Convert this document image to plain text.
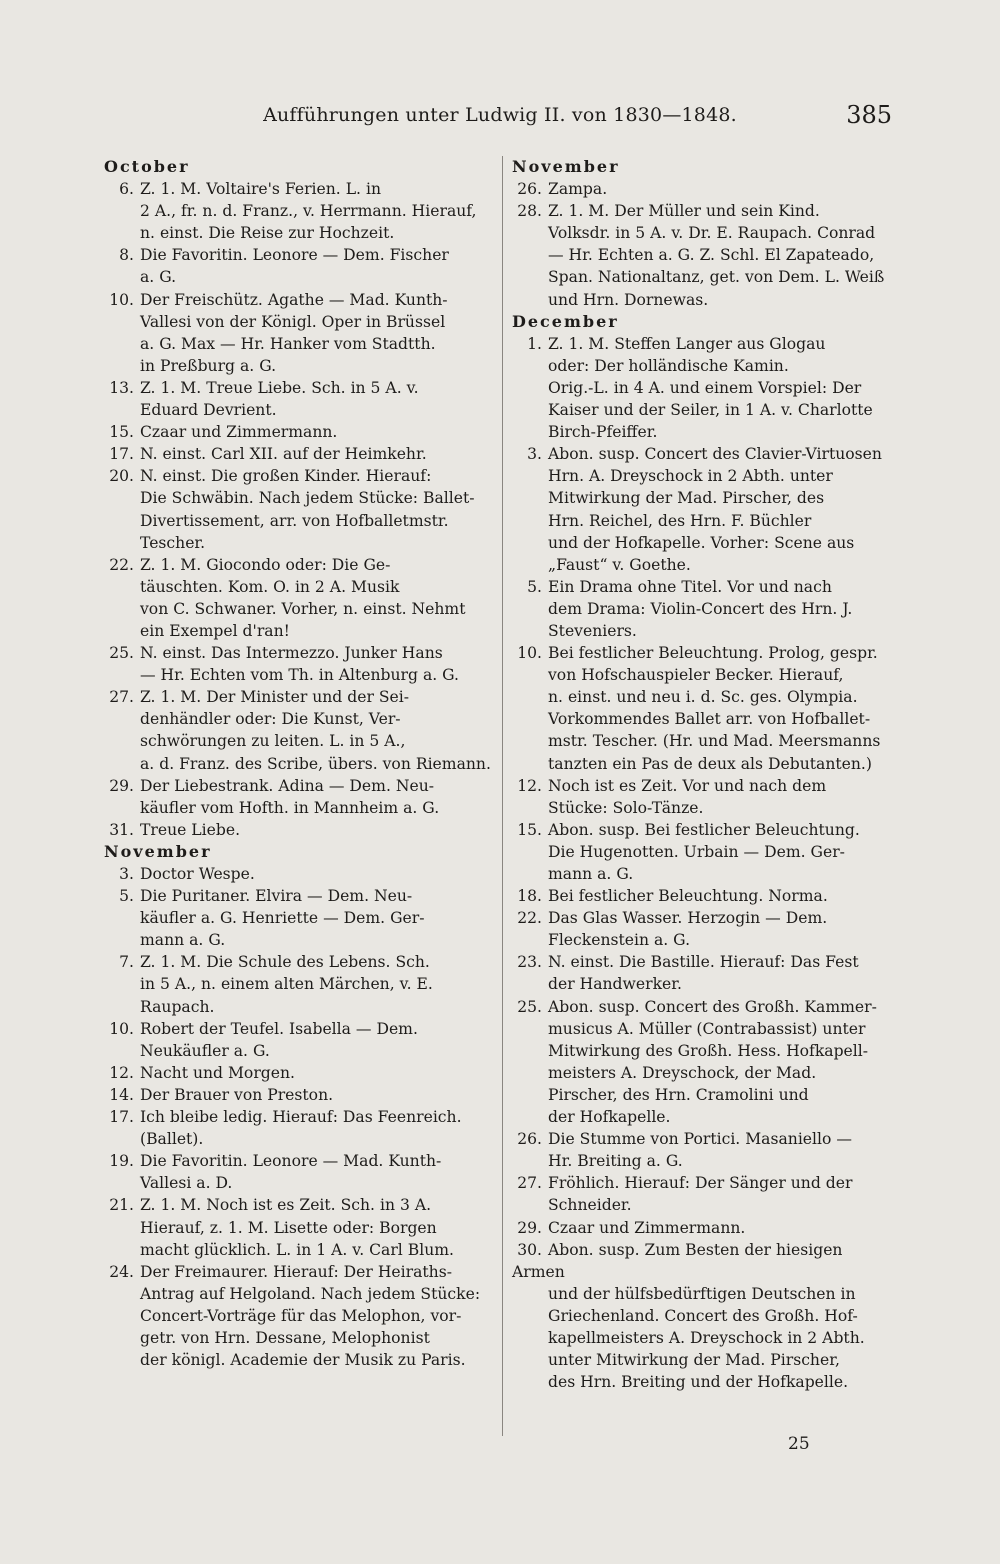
Aufführungen unter Ludwig II. von 1830—1848.	385
October
6. Z. 1. M. Voltaire's Ferien. L. in
2 A., fr. n. d. Franz., v. Herrmann. Hierauf,
n. einst. Die Reise zur Hochzeit.
8. Die Favoritin. Leonore — Dem. Fischer
a. G.
10. Der Freischütz. Agathe — Mad. Kunth-
Vallesi von der Königl. Oper in Brüssel
a. G. Max — Hr. Hanker vom Stadtth.
in Preßburg a. G.
13. Z. 1. M. Treue Liebe. Sch. in 5 A. v.
Eduard Devrient.
15. Czaar und Zimmermann.
17. N. einst. Carl XII. auf der Heimkehr.
20. N. einst. Die großen Kinder. Hierauf:
Die Schwäbin. Nach jedem Stücke: Ballet-
Divertissement, arr. von Hofballetmstr.
Tescher.
22. Z. 1. M. Giocondo oder: Die Ge-
täuschten. Kom. O. in 2 A. Musik
von C. Schwaner. Vorher, n. einst. Nehmt
ein Exempel d'ran!
25. N. einst. Das Intermezzo. Junker Hans
— Hr. Echten vom Th. in Altenburg a. G.
27. Z. 1. M. Der Minister und der Sei-
denhändler oder: Die Kunst, Ver-
schwörungen zu leiten. L. in 5 A.,
a. d. Franz. des Scribe, übers. von Riemann.
29. Der Liebestrank. Adina — Dem. Neu-
käufler vom Hofth. in Mannheim a. G.
31. Treue Liebe.
November
3. Doctor Wespe.
5. Die Puritaner. Elvira — Dem. Neu-
käufler a. G. Henriette — Dem. Ger-
mann a. G.
7. Z. 1. M. Die Schule des Lebens. Sch.
in 5 A., n. einem alten Märchen, v. E.
Raupach.
10. Robert der Teufel. Isabella — Dem.
Neukäufler a. G.
12. Nacht und Morgen.
14. Der Brauer von Preston.
17. Ich bleibe ledig. Hierauf: Das Feenreich.
(Ballet).
19. Die Favoritin. Leonore — Mad. Kunth-
Vallesi a. D.
21. Z. 1. M. Noch ist es Zeit. Sch. in 3 A.
Hierauf, z. 1. M. Lisette oder: Borgen
macht glücklich. L. in 1 A. v. Carl Blum.
24. Der Freimaurer. Hierauf: Der Heiraths-
Antrag auf Helgoland. Nach jedem Stücke:
Concert-Vorträge für das Melophon, vor-
getr. von Hrn. Dessane, Melophonist
der königl. Academie der Musik zu Paris.
November
26. Zampa.
28. Z. 1. M. Der Müller und sein Kind.
Volksdr. in 5 A. v. Dr. E. Raupach. Conrad
— Hr. Echten a. G. Z. Schl. El Zapateado,
Span. Nationaltanz, get. von Dem. L. Weiß
und Hrn. Dornewas.
December
1. Z. 1. M. Steffen Langer aus Glogau
oder: Der holländische Kamin.
Orig.-L. in 4 A. und einem Vorspiel: Der
Kaiser und der Seiler, in 1 A. v. Charlotte
Birch-Pfeiffer.
3. Abon. susp. Concert des Clavier-Virtuosen
Hrn. A. Dreyschock in 2 Abth. unter
Mitwirkung der Mad. Pirscher, des
Hrn. Reichel, des Hrn. F. Büchler
und der Hofkapelle. Vorher: Scene aus
„Faust“ v. Goethe.
5. Ein Drama ohne Titel. Vor und nach
dem Drama: Violin-Concert des Hrn. J.
Steveniers.
10. Bei festlicher Beleuchtung. Prolog, gespr.
von Hofschauspieler Becker. Hierauf,
n. einst. und neu i. d. Sc. ges. Olympia.
Vorkommendes Ballet arr. von Hofballet-
mstr. Tescher. (Hr. und Mad. Meersmanns
tanzten ein Pas de deux als Debutanten.)
12. Noch ist es Zeit. Vor und nach dem
Stücke: Solo-Tänze.
15. Abon. susp. Bei festlicher Beleuchtung.
Die Hugenotten. Urbain — Dem. Ger-
mann a. G.
18. Bei festlicher Beleuchtung. Norma.
22. Das Glas Wasser. Herzogin — Dem.
Fleckenstein a. G.
23. N. einst. Die Bastille. Hierauf: Das Fest
der Handwerker.
25. Abon. susp. Concert des Großh. Kammer-
musicus A. Müller (Contrabassist) unter
Mitwirkung des Großh. Hess. Hofkapell-
meisters A. Dreyschock, der Mad.
Pirscher, des Hrn. Cramolini und
der Hofkapelle.
26. Die Stumme von Portici. Masaniello —
Hr. Breiting a. G.
27. Fröhlich. Hierauf: Der Sänger und der
Schneider.
29. Czaar und Zimmermann.
30. Abon. susp. Zum Besten der hiesigen Armen
und der hülfsbedürftigen Deutschen in
Griechenland. Concert des Großh. Hof-
kapellmeisters A. Dreyschock in 2 Abth.
unter Mitwirkung der Mad. Pirscher,
des Hrn. Breiting und der Hofkapelle.
25
